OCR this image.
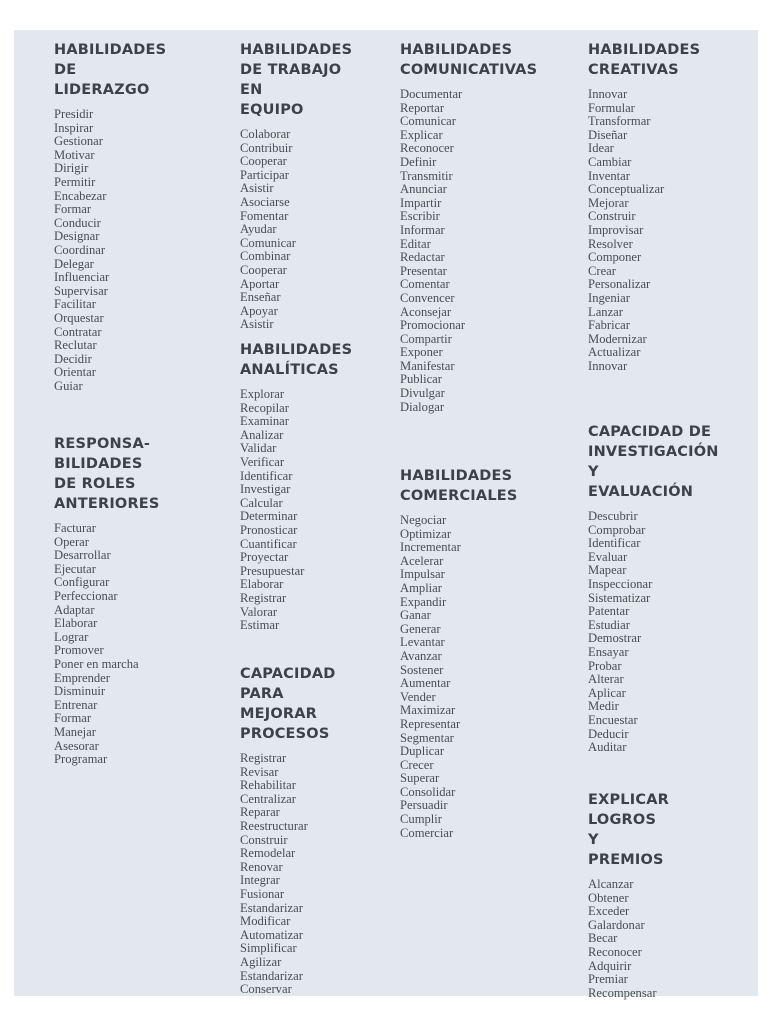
HABILIDADES
DE LIDERAZGO
Presidir
Inspirar
Gestionar
Motivar
Dirigir
Permitir
Encabezar
Formar
Conducir
Designar
Coordinar
Delegar
Influenciar
Supervisar
Facilitar
Orquestar
Contratar
Reclutar
Decidir
Orientar
Guiar
RESPONSA-
BILIDADES
DE ROLES
ANTERIORES
Facturar
Operar
Desarrollar
Ejecutar
Configurar
Perfeccionar
Adaptar
Elaborar
Lograr
Promover
Poner en marcha
Emprender
Disminuir
Entrenar
Formar
Manejar
Asesorar
Programar
HABILIDADES
DE TRABAJO EN
EQUIPO
Colaborar
Contribuir
Cooperar
Participar
Asistir
Asociarse
Fomentar
Ayudar
Comunicar
Combinar
Cooperar
Aportar
Enseñar
Apoyar
Asistir
HABILIDADES
ANALÍTICAS
Explorar
Recopilar
Examinar
Analizar
Validar
Verificar
Identificar
Investigar
Calcular
Determinar
Pronosticar
Cuantificar
Proyectar
Presupuestar
Elaborar
Registrar
Valorar
Estimar
CAPACIDAD
PARA MEJORAR
PROCESOS
Registrar
Revisar
Rehabilitar
Centralizar
Reparar
Reestructurar
Construir
Remodelar
Renovar
Integrar
Fusionar
Estandarizar
Modificar
Automatizar
Simplificar
Agilizar
Estandarizar
Conservar
HABILIDADES
COMUNICATIVAS
Documentar
Reportar
Comunicar
Explicar
Reconocer
Definir
Transmitir
Anunciar
Impartir
Escribir
Informar
Editar
Redactar
Presentar
Comentar
Convencer
Aconsejar
Promocionar
Compartir
Exponer
Manifestar
Publicar
Divulgar
Dialogar
HABILIDADES
COMERCIALES
Negociar
Optimizar
Incrementar
Acelerar
Impulsar
Ampliar
Expandir
Ganar
Generar
Levantar
Avanzar
Sostener
Aumentar
Vender
Maximizar
Representar
Segmentar
Duplicar
Crecer
Superar
Consolidar
Persuadir
Cumplir
Comerciar
HABILIDADES
CREATIVAS
Innovar
Formular
Transformar
Diseñar
Idear
Cambiar
Inventar
Conceptualizar
Mejorar
Construir
Improvisar
Resolver
Componer
Crear
Personalizar
Ingeniar
Lanzar
Fabricar
Modernizar
Actualizar
Innovar
CAPACIDAD DE
INVESTIGACIÓN Y
EVALUACIÓN
Descubrir
Comprobar
Identificar
Evaluar
Mapear
Inspeccionar
Sistematizar
Patentar
Estudiar
Demostrar
Ensayar
Probar
Alterar
Aplicar
Medir
Encuestar
Deducir
Auditar
EXPLICAR
LOGROS Y
PREMIOS
Alcanzar
Obtener
Exceder
Galardonar
Becar
Reconocer
Adquirir
Premiar
Recompensar
